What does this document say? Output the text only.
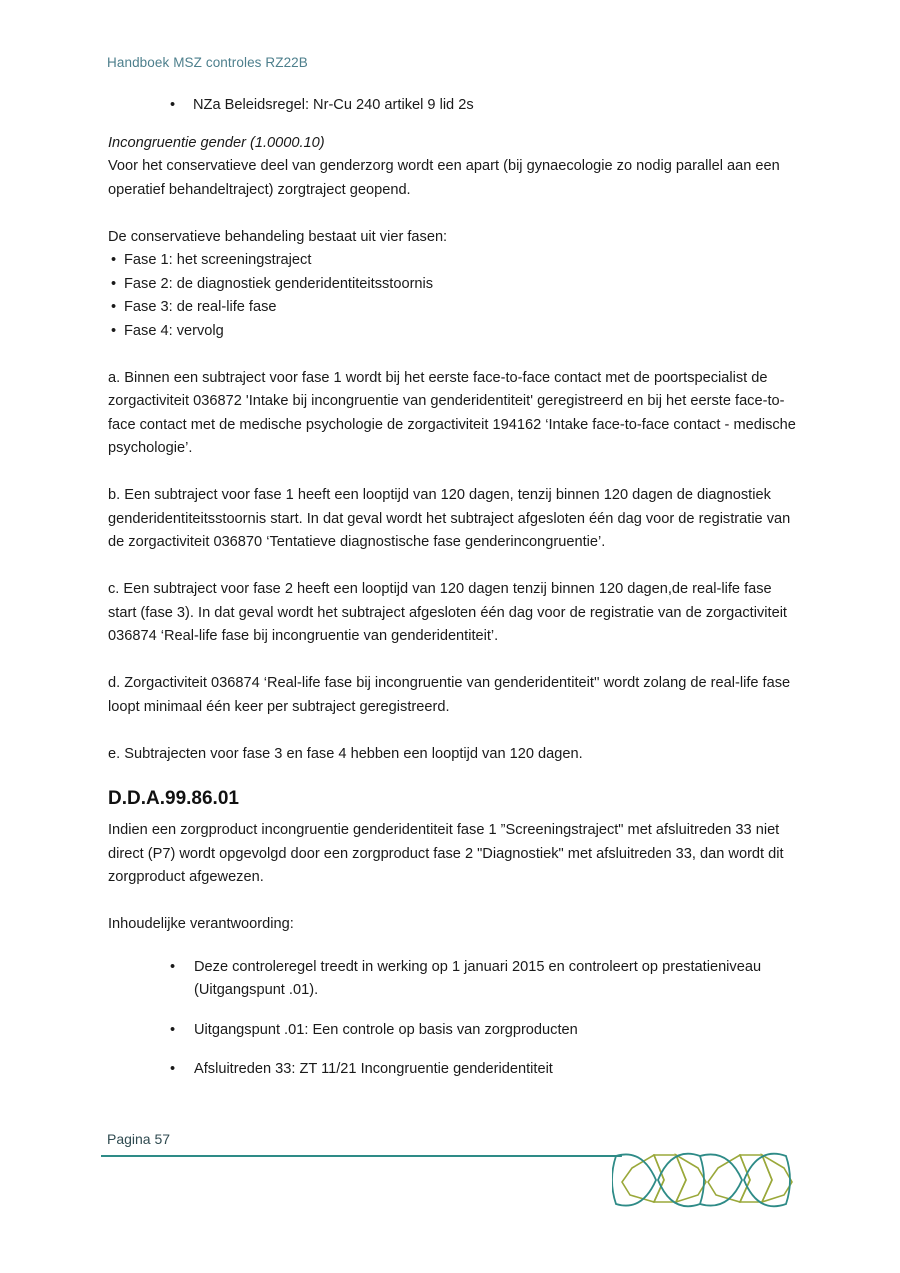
Handboek MSZ controles RZ22B

• NZa Beleidsregel: Nr-Cu 240 artikel 9 lid 2s

Incongruentie gender (1.0000.10)

Voor het conservatieve deel van genderzorg wordt een apart (bij gynaecologie zo nodig parallel aan een operatief behandeltraject) zorgtraject geopend.

De conservatieve behandeling bestaat uit vier fasen:

• Fase 1: het screeningstraject

• Fase 2: de diagnostiek genderidentiteitsstoornis

• Fase 3: de real-life fase

• Fase 4: vervolg

a. Binnen een subtraject voor fase 1 wordt bij het eerste face-to-face contact met de poortspecialist de zorgactiviteit 036872 'Intake bij incongruentie van genderidentiteit' geregistreerd en bij het eerste face-to-face contact met de medische psychologie de zorgactiviteit 194162 ‘Intake face-to-face contact - medische psychologie’.

b. Een subtraject voor fase 1 heeft een looptijd van 120 dagen, tenzij binnen 120 dagen de diagnostiek genderidentiteitsstoornis start. In dat geval wordt het subtraject afgesloten één dag voor de registratie van de zorgactiviteit 036870 ‘Tentatieve diagnostische fase genderincongruentie’.

c. Een subtraject voor fase 2 heeft een looptijd van 120 dagen tenzij binnen 120 dagen,de real-life fase start (fase 3). In dat geval wordt het subtraject afgesloten één dag voor de registratie van de zorgactiviteit 036874 ‘Real-life fase bij incongruentie van genderidentiteit’.

d. Zorgactiviteit 036874 ‘Real-life fase bij incongruentie van genderidentiteit'' wordt zolang de real-life fase loopt minimaal één keer per subtraject geregistreerd.

e. Subtrajecten voor fase 3 en fase 4 hebben een looptijd van 120 dagen.

D.D.A.99.86.01

Indien een zorgproduct incongruentie genderidentiteit fase 1 ”Screeningstraject" met afsluitreden 33 niet direct (P7) wordt opgevolgd door een zorgproduct fase 2 "Diagnostiek" met afsluitreden 33, dan wordt dit zorgproduct afgewezen.

Inhoudelijke verantwoording:

• Deze controleregel treedt in werking op 1 januari 2015 en controleert op prestatieniveau (Uitgangspunt .01).

• Uitgangspunt .01: Een controle op basis van zorgproducten

• Afsluitreden 33: ZT 11/21 Incongruentie genderidentiteit

Pagina 57
